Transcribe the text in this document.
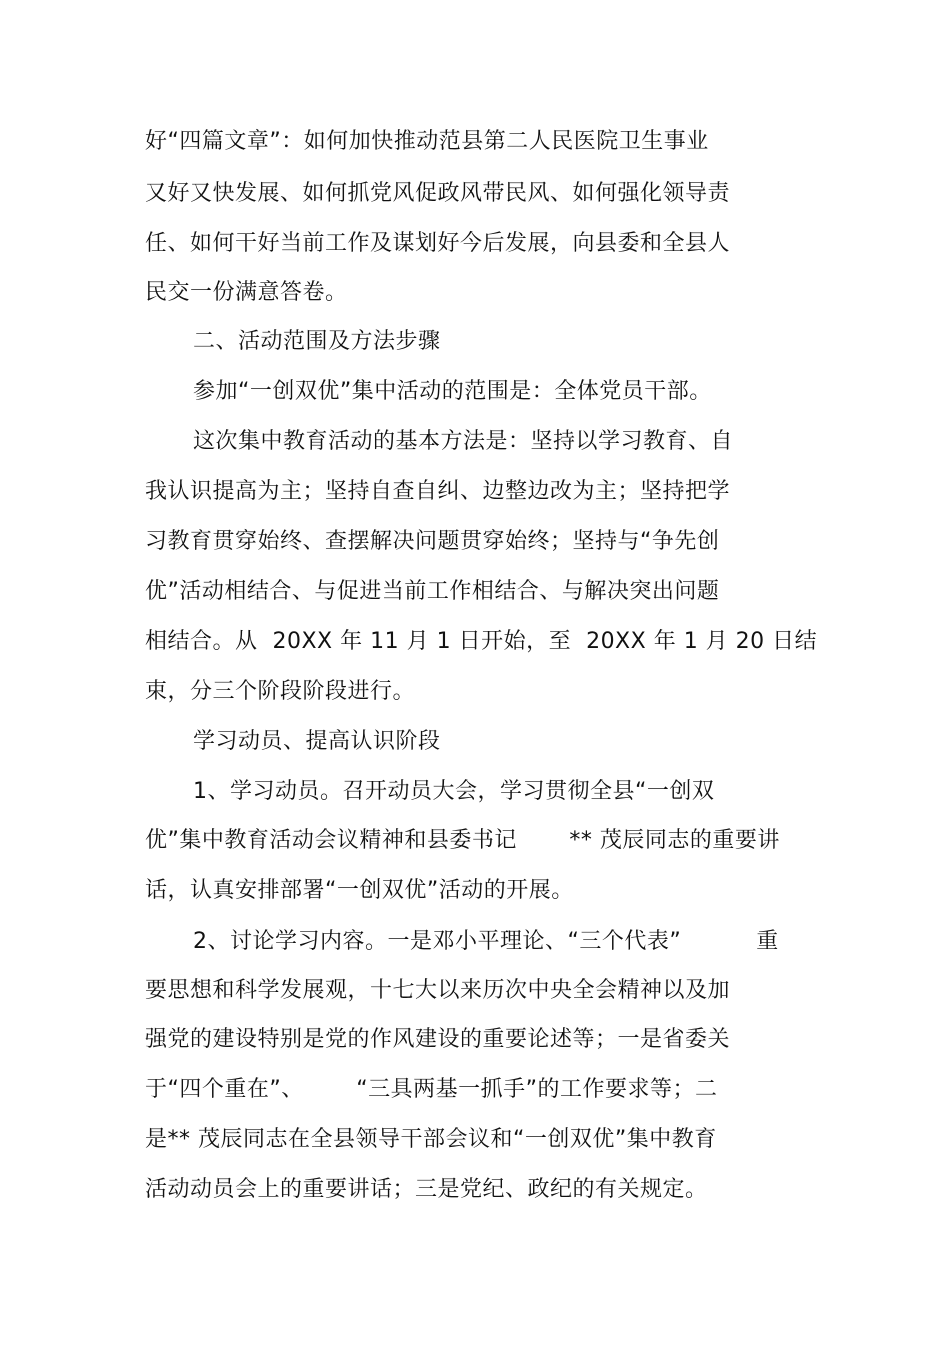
好“四篇文章”：如何加快推动范县第二人民医院卫生事业
又好又快发展、如何抓党风促政风带民风、如何强化领导责
任、如何干好当前工作及谋划好今后发展，向县委和全县人
民交一份满意答卷。
二、活动范围及方法步骤
参加“一创双优”集中活动的范围是：全体党员干部。
这次集中教育活动的基本方法是：坚持以学习教育、自
我认识提高为主；坚持自查自纠、边整边改为主；坚持把学
习教育贯穿始终、查摆解决问题贯穿始终；坚持与“争先创
优”活动相结合、与促进当前工作相结合、与解决突出问题
相结合。从  20XX 年 11 月 1 日开始，至  20XX 年 1 月 20 日结
束，分三个阶段阶段进行。
学习动员、提高认识阶段
1、学习动员。召开动员大会，学习贯彻全县“一创双
优”集中教育活动会议精神和县委书记       ** 茂辰同志的重要讲
话，认真安排部署“一创双优”活动的开展。
2、讨论学习内容。一是邓小平理论、“三个代表”          重
要思想和科学发展观，十七大以来历次中央全会精神以及加
强党的建设特别是党的作风建设的重要论述等；一是省委关
于“四个重在”、       “三具两基一抓手”的工作要求等；二
是** 茂辰同志在全县领导干部会议和“一创双优”集中教育
活动动员会上的重要讲话；三是党纪、政纪的有关规定。
